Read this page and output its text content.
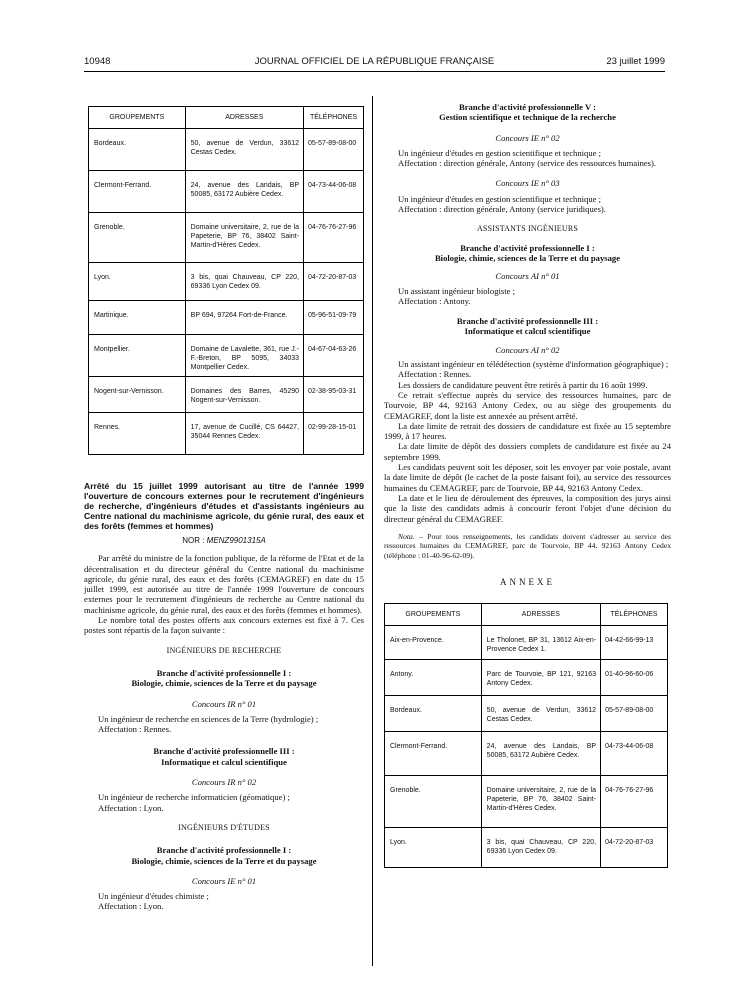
10948	JOURNAL OFFICIEL DE LA RÉPUBLIQUE FRANÇAISE	23 juillet 1999
GROUPEMENTS	ADRESSES	TÉLÉPHONES
Bordeaux.	50, avenue de Verdun, 33612 Cestas Cedex.	05-57-89-08-00
Clermont-Ferrand.	24, avenue des Landais, BP 50085, 63172 Aubière Cedex.	04-73-44-06-08
Grenoble.	Domaine universitaire, 2, rue de la Papeterie, BP 76, 38402 Saint-Martin-d'Hères Cedex.	04-76-76-27-96
Lyon.	3 bis, quai Chauveau, CP 220, 69336 Lyon Cedex 09.	04-72-20-87-03
Martinique.	BP 694, 97264 Fort-de-France.	05-96-51-09-79
Montpellier.	Domaine de Lavalette, 361, rue J.-F.-Breton, BP 5095, 34033 Montpellier Cedex.	04-67-04-63-26
Nogent-sur-Vernisson.	Domaines des Barres, 45290 Nogent-sur-Vernisson.	02-38-95-03-31
Rennes.	17, avenue de Cucillé, CS 64427, 35044 Rennes Cedex.	02-99-28-15-01

Arrêté du 15 juillet 1999 autorisant au titre de l'année 1999 l'ouverture de concours externes pour le recrutement d'ingénieurs de recherche, d'ingénieurs d'études et d'assistants ingénieurs au Centre national du machinisme agricole, du génie rural, des eaux et des forêts (femmes et hommes)

NOR : MENZ9901315A

Par arrêté du ministre de la fonction publique, de la réforme de l'Etat et de la décentralisation et du directeur général du Centre national du machinisme agricole, du génie rural, des eaux et des forêts (CEMAGREF) en date du 15 juillet 1999, est autorisée au titre de l'année 1999 l'ouverture de concours externes pour le recrutement d'ingénieurs de recherche au Centre national du machinisme agricole, du génie rural, des eaux et des forêts (femmes et hommes).

Le nombre total des postes offerts aux concours externes est fixé à 7. Ces postes sont répartis de la façon suivante :

INGÉNIEURS DE RECHERCHE

Branche d'activité professionnelle I :

Biologie, chimie, sciences de la Terre et du paysage

Concours IR n° 01

Un ingénieur de recherche en sciences de la Terre (hydrologie) ;

Affectation : Rennes.

Branche d'activité professionnelle III :

Informatique et calcul scientifique

Concours IR n° 02

Un ingénieur de recherche informaticien (géomatique) ;

Affectation : Lyon.

INGÉNIEURS D'ÉTUDES

Branche d'activité professionnelle I :

Biologie, chimie, sciences de la Terre et du paysage

Concours IE n° 01

Un ingénieur d'études chimiste ;

Affectation : Lyon.

Branche d'activité professionnelle V :

Gestion scientifique et technique de la recherche

Concours IE n° 02

Un ingénieur d'études en gestion scientifique et technique ;

Affectation : direction générale, Antony (service des ressources humaines).

Concours IE n° 03

Un ingénieur d'études en gestion scientifique et technique ;

Affectation : direction générale, Antony (service juridiques).

ASSISTANTS INGÉNIEURS

Branche d'activité professionnelle I :

Biologie, chimie, sciences de la Terre et du paysage

Concours AI n° 01

Un assistant ingénieur biologiste ;

Affectation : Antony.

Branche d'activité professionnelle III :

Informatique et calcul scientifique

Concours AI n° 02

Un assistant ingénieur en télédétection (système d'information géographique) ;

Affectation : Rennes.

Les dossiers de candidature peuvent être retirés à partir du 16 août 1999.

Ce retrait s'effectue auprès du service des ressources humaines, parc de Tourvoie, BP 44, 92163 Antony Cedex, ou au siège des groupements du CEMAGREF, dont la liste est annexée au présent arrêté.

La date limite de retrait des dossiers de candidature est fixée au 15 septembre 1999, à 17 heures.

La date limite de dépôt des dossiers complets de candidature est fixée au 24 septembre 1999.

Les candidats peuvent soit les déposer, soit les envoyer par voie postale, avant la date limite de dépôt (le cachet de la poste faisant foi), au service des ressources humaines du CEMAGREF, parc de Tourvoie, BP 44, 92163 Antony Cedex.

La date et le lieu de déroulement des épreuves, la composition des jurys ainsi que la liste des candidats admis à concourir feront l'objet d'une décision du directeur général du CEMAGREF.

Nota. – Pour tous renseignements, les candidats doivent s'adresser au service des ressources humaines du CEMAGREF, parc de Tourvoie, BP 44, 92163 Antony Cedex (téléphone : 01-40-96-62-09).

ANNEXE

GROUPEMENTS	ADRESSES	TÉLÉPHONES
Aix-en-Provence.	Le Tholonet, BP 31, 13612 Aix-en-Provence Cedex 1.	04-42-66-99-13
Antony.	Parc de Tourvoie, BP 121, 92163 Antony Cedex.	01-40-96-60-06
Bordeaux.	50, avenue de Verdun, 33612 Cestas Cedex.	05-57-89-08-00
Clermont-Ferrand.	24, avenue des Landais, BP 50085, 63172 Aubière Cedex.	04-73-44-06-08
Grenoble.	Domaine universitaire, 2, rue de la Papeterie, BP 76, 38402 Saint-Martin-d'Hères Cedex.	04-76-76-27-96
Lyon.	3 bis, quai Chauveau, CP 220, 69336 Lyon Cedex 09.	04-72-20-87-03
